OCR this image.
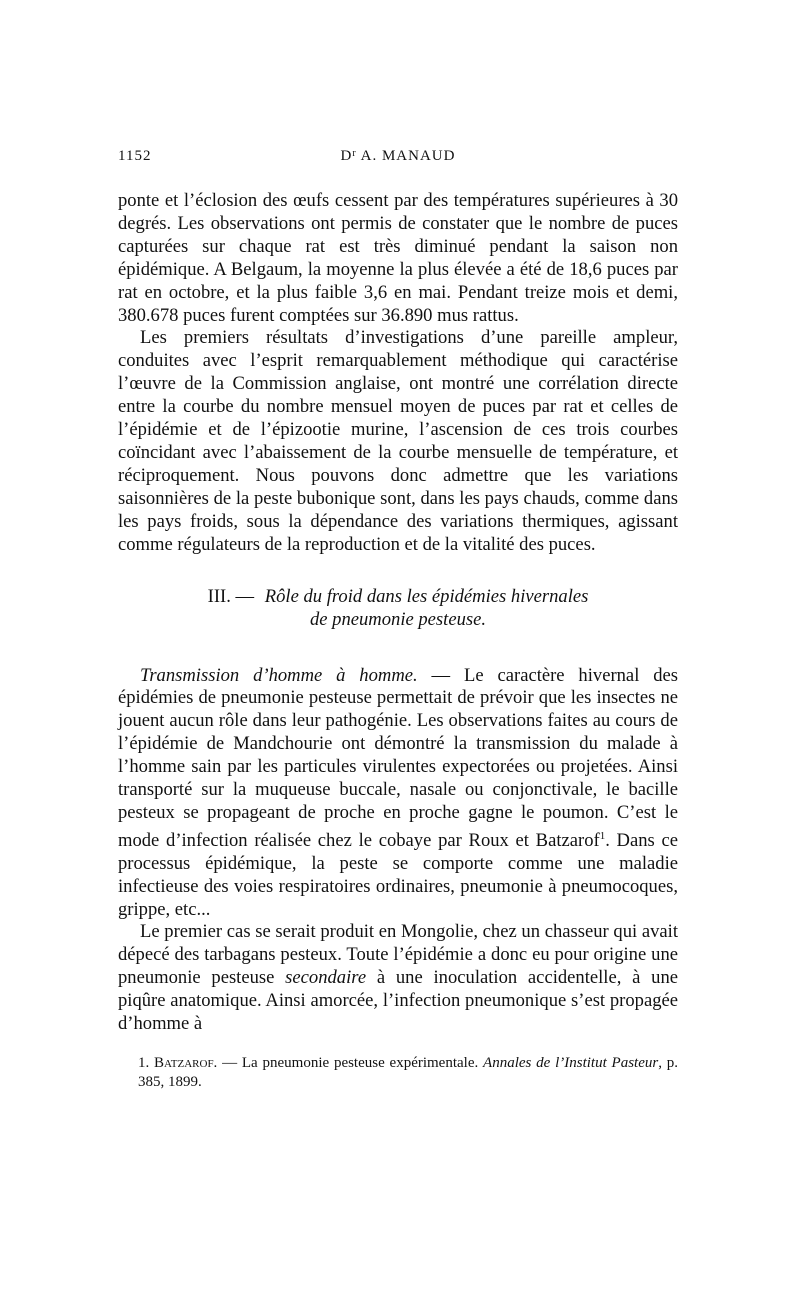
1152	$D^r$ A. MANAUD

ponte et l’éclosion des œufs cessent par des températures supérieures à 30 degrés. Les observations ont permis de constater que le nombre de puces capturées sur chaque rat est très diminué pendant la saison non épidémique. A Belgaum, la moyenne la plus élevée a été de 18,6 puces par rat en octobre, et la plus faible 3,6 en mai. Pendant treize mois et demi, 380.678 puces furent comptées sur 36.890 mus rattus.

Les premiers résultats d’investigations d’une pareille ampleur, conduites avec l’esprit remarquablement méthodique qui caractérise l’œuvre de la Commission anglaise, ont montré une corrélation directe entre la courbe du nombre mensuel moyen de puces par rat et celles de l’épidémie et de l’épizootie murine, l’ascension de ces trois courbes coïncidant avec l’abaissement de la courbe mensuelle de température, et réciproquement. Nous pouvons donc admettre que les variations saisonnières de la peste bubonique sont, dans les pays chauds, comme dans les pays froids, sous la dépendance des variations thermiques, agissant comme régulateurs de la reproduction et de la vitalité des puces.

III. — Rôle du froid dans les épidémies hivernales
de pneumonie pesteuse.

Transmission d’homme à homme. — Le caractère hivernal des épidémies de pneumonie pesteuse permettait de prévoir que les insectes ne jouent aucun rôle dans leur pathogénie. Les observations faites au cours de l’épidémie de Mandchourie ont démontré la transmission du malade à l’homme sain par les particules virulentes expectorées ou projetées. Ainsi transporté sur la muqueuse buccale, nasale ou conjonctivale, le bacille pesteux se propageant de proche en proche gagne le poumon. C’est le mode d’infection réalisée chez le cobaye par Roux et Batzarof$^1$. Dans ce processus épidémique, la peste se comporte comme une maladie infectieuse des voies respiratoires ordinaires, pneumonie à pneumocoques, grippe, etc...

Le premier cas se serait produit en Mongolie, chez un chasseur qui avait dépecé des tarbagans pesteux. Toute l’épidémie a donc eu pour origine une pneumonie pesteuse secondaire à une inoculation accidentelle, à une piqûre anatomique. Ainsi amorcée, l’infection pneumonique s’est propagée d’homme à

1. Batzarof. — La pneumonie pesteuse expérimentale. Annales de l’Institut Pasteur, p. 385, 1899.
